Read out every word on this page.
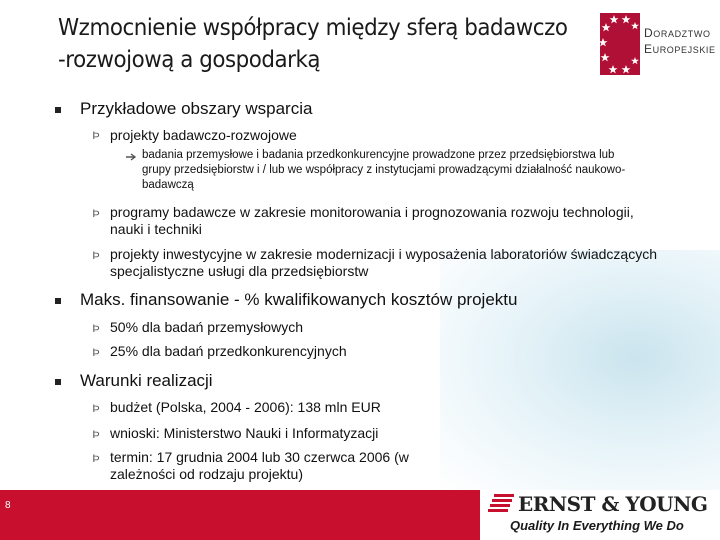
Wzmocnienie współpracy między sferą badawczo
-rozwojową a gospodarką
DORADZTWO
EUROPEJSKIE
Przykładowe obszary wsparcia
Þ projekty badawczo-rozwojowe
badania przemysłowe i badania przedkonkurencyjne prowadzone przez przedsiębiorstwa lub grupy przedsiębiorstw i / lub we współpracy z instytucjami prowadzącymi działalność naukowo-badawczą
Þ programy badawcze w zakresie monitorowania i prognozowania rozwoju technologii, nauki i techniki
Þ projekty inwestycyjne w zakresie modernizacji i wyposażenia laboratoriów świadczących specjalistyczne usługi dla przedsiębiorstw
Maks. finansowanie - % kwalifikowanych kosztów projektu
Þ 50% dla badań przemysłowych
Þ 25% dla badań przedkonkurencyjnych
Warunki realizacji
Þ budżet (Polska, 2004 - 2006): 138 mln EUR
Þ wnioski: Ministerstwo Nauki i Informatyzacji
Þ termin: 17 grudnia 2004 lub 30 czerwca 2006 (w zależności od rodzaju projektu)
8	ERNST & YOUNG
Quality In Everything We Do
